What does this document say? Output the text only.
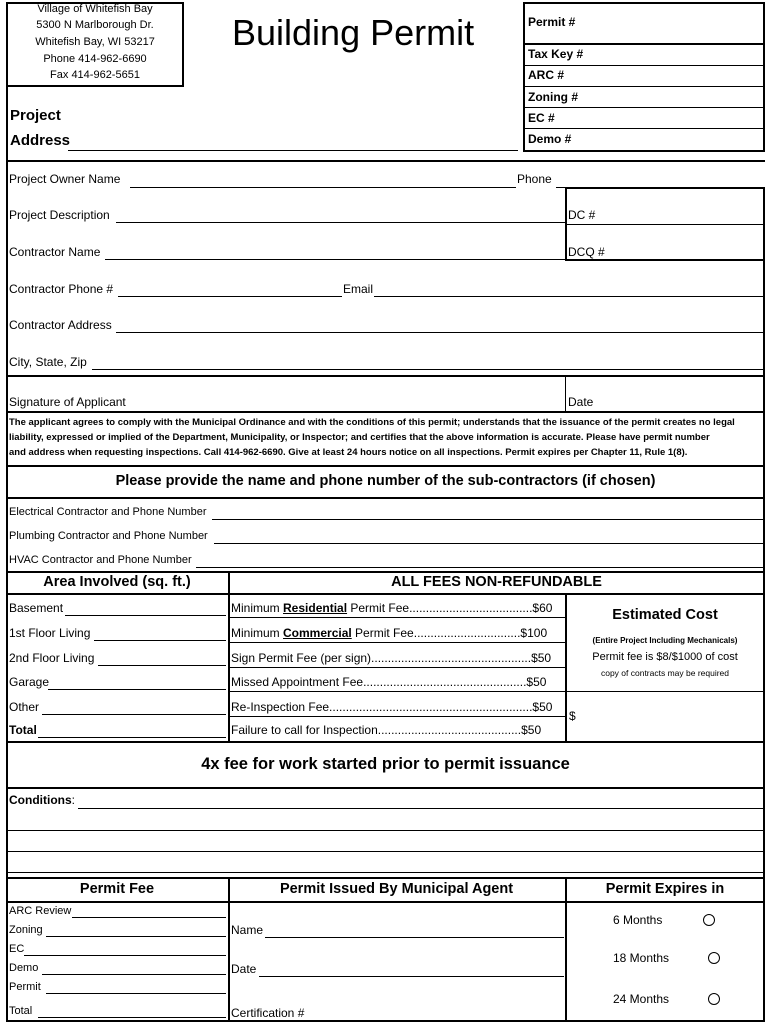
Village of Whitefish Bay
5300 N Marlborough Dr.
Whitefish Bay, WI 53217
Phone 414-962-6690
Fax 414-962-5651
Building Permit	Permit #
Tax Key #
ARC #
Zoning #
EC #
Demo #
Project
Address
Project Owner Name	Phone
Project Description	DC #
Contractor Name	DCQ #
Contractor Phone #	Email
Contractor Address
City, State, Zip
Signature of Applicant	Date
The applicant agrees to comply with the Municipal Ordinance and with the conditions of this permit; understands that the issuance of the permit creates no legal
liability, expressed or implied of the Department, Municipality, or Inspector; and certifies that the above information is accurate. Please have permit number
and address when requesting inspections. Call 414-962-6690. Give at least 24 hours notice on all inspections. Permit expires per Chapter 11, Rule 1(8).
Please provide the name and phone number of the sub-contractors (if chosen)
Electrical Contractor and Phone Number
Plumbing Contractor and Phone Number
HVAC Contractor and Phone Number
Area Involved (sq. ft.)	ALL FEES NON-REFUNDABLE
Basement
1st Floor Living
2nd Floor Living
Garage
Other
Total
Minimum Residential Permit Fee.....................................$60
Minimum Commercial Permit Fee................................$100
Sign Permit Fee (per sign)................................................$50
Missed Appointment Fee.................................................$50
Re-Inspection Fee.............................................................$50
Failure to call for Inspection...........................................$50
Estimated Cost
(Entire Project Including Mechanicals)
Permit fee is $8/$1000 of cost
copy of contracts may be required
$
4x fee for work started prior to permit issuance
Conditions:
Permit Fee	Permit Issued By Municipal Agent	Permit Expires in
ARC Review
Zoning
EC
Demo
Permit
Total
Name
Date
Certification #
6 Months
18 Months
24 Months
